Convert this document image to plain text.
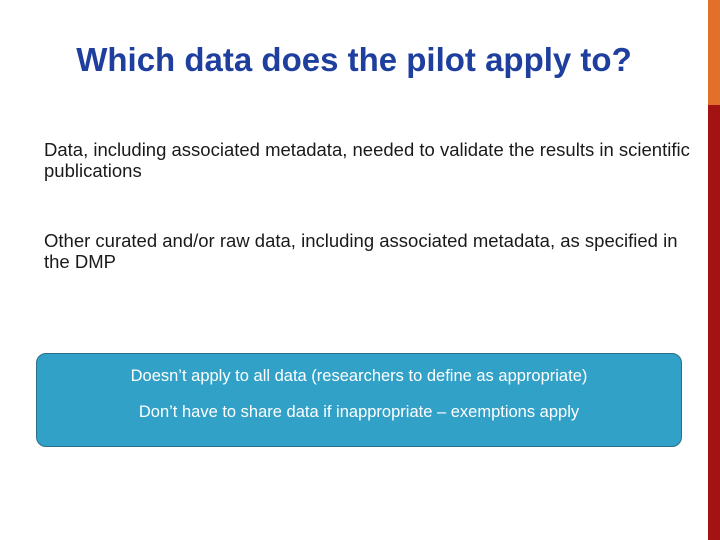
Which data does the pilot apply to?

Data, including associated metadata, needed to validate the results in scientific publications

Other curated and/or raw data, including associated metadata, as specified in the DMP

Doesn’t apply to all data (researchers to define as appropriate)

Don’t have to share data if inappropriate – exemptions apply
